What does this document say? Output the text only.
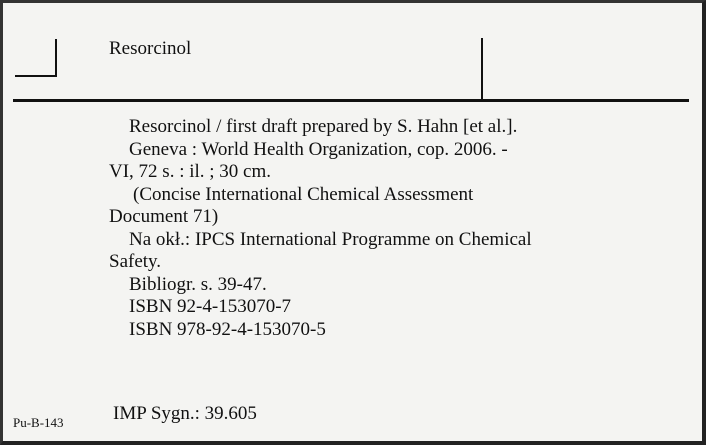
Resorcinol
Resorcinol / first draft prepared by S. Hahn [et al.].
Geneva : World Health Organization, cop. 2006. -
VI, 72 s. : il. ; 30 cm.
(Concise International Chemical Assessment
Document 71)
Na okł.: IPCS International Programme on Chemical
Safety.
Bibliogr. s. 39-47.
ISBN 92-4-153070-7
ISBN 978-92-4-153070-5
Pu-B-143	IMP Sygn.: 39.605
